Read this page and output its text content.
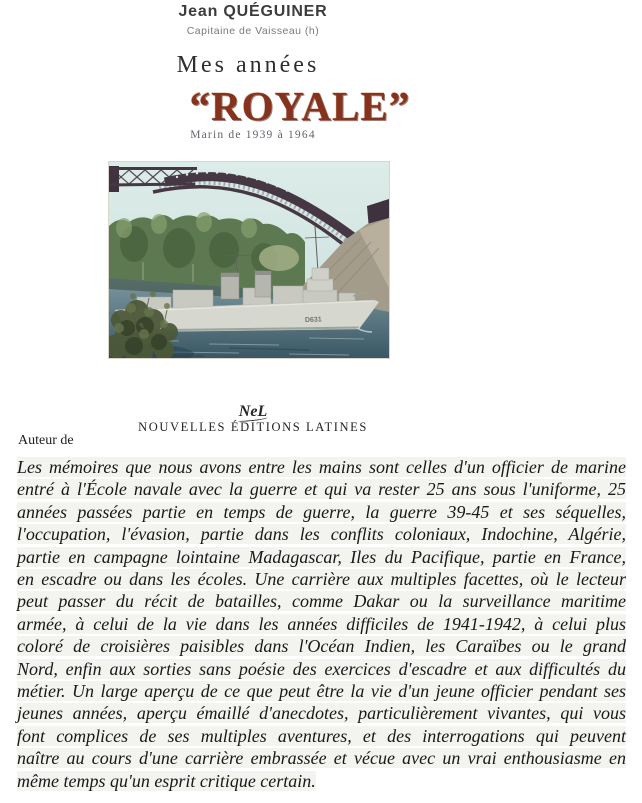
Jean QUÉGUINER
Capitaine de Vaisseau (h)
Mes années
“ROYALE”
Marin de 1939 à 1964
D631
NeL
NOUVELLES ÉDITIONS LATINES
Auteur de
Les mémoires que nous avons entre les mains sont celles d'un officier de marine
entré à l'École navale avec la guerre et qui va rester 25 ans sous l'uniforme, 25
années passées partie en temps de guerre, la guerre 39-45 et ses séquelles,
l'occupation, l'évasion, partie dans les conflits coloniaux, Indochine, Algérie,
partie en campagne lointaine Madagascar, Iles du Pacifique, partie en France,
en escadre ou dans les écoles. Une carrière aux multiples facettes, où le lecteur
peut passer du récit de batailles, comme Dakar ou la surveillance maritime
armée, à celui de la vie dans les années difficiles de 1941-1942, à celui plus
coloré de croisières paisibles dans l'Océan Indien, les Caraïbes ou le grand
Nord, enfin aux sorties sans poésie des exercices d'escadre et aux difficultés du
métier. Un large aperçu de ce que peut être la vie d'un jeune officier pendant ses
jeunes années, aperçu émaillé d'anecdotes, particulièrement vivantes, qui vous
font complices de ses multiples aventures, et des interrogations qui peuvent
naître au cours d'une carrière embrassée et vécue avec un vrai enthousiasme en
même temps qu'un esprit critique certain.
